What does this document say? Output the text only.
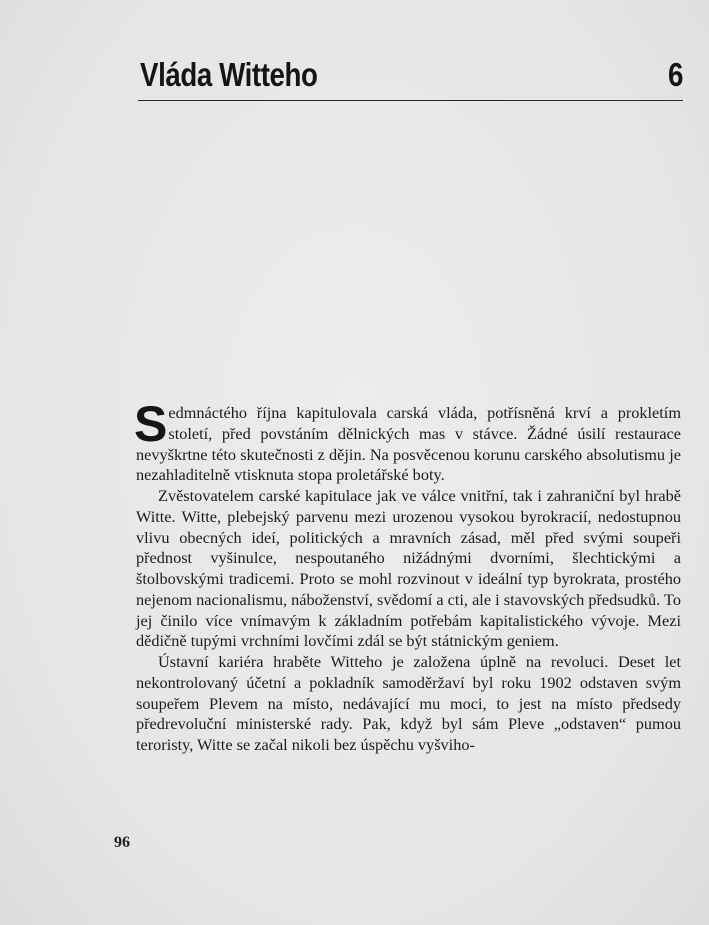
Vláda Witteho	6

Sedmnáctého října kapitulovala carská vláda, potřísněná krví a prokletím století, před povstáním dělnických mas v stávce. Žádné úsilí restaurace nevyškrtne této skutečnosti z dějin. Na posvěcenou korunu carského absolutismu je nezahladitelně vtisknuta stopa proletářské boty.

Zvěstovatelem carské kapitulace jak ve válce vnitřní, tak i zahraniční byl hrabě Witte. Witte, plebejský parvenu mezi urozenou vysokou byrokracií, nedostupnou vlivu obecných ideí, politických a mravních zásad, měl před svými soupeři přednost vyšinulce, nespoutaného nižádnými dvorními, šlechtickými a štolbovskými tradicemi. Proto se mohl rozvinout v ideální typ byrokrata, prostého nejenom nacionalismu, náboženství, svědomí a cti, ale i stavovských předsudků. To jej činilo více vnímavým k základním potřebám kapitalistického vývoje. Mezi dědičně tupými vrchními lovčími zdál se být státnickým geniem.

Ústavní kariéra hraběte Witteho je založena úplně na revoluci. Deset let nekontrolovaný účetní a pokladník samoděržaví byl roku 1902 odstaven svým soupeřem Plevem na místo, nedávající mu moci, to jest na místo předsedy předrevoluční ministerské rady. Pak, když byl sám Pleve „odstaven“ pumou teroristy, Witte se začal nikoli bez úspěchu vyšviho-

96
